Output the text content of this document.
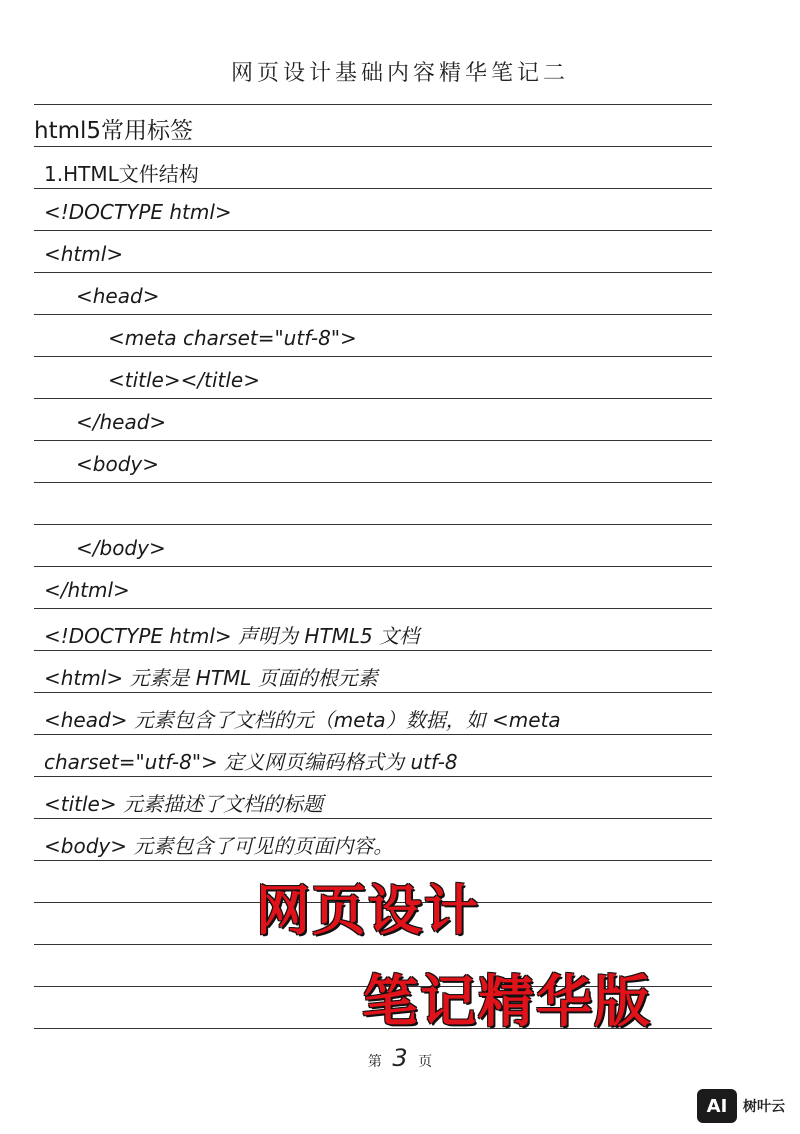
网页设计基础内容精华笔记二
html5常用标签
1.HTML文件结构
<!DOCTYPE html>
<html>
<head>
<meta charset="utf-8">
<title></title>
</head>
<body>
</body>
</html>
<!DOCTYPE html> 声明为 HTML5 文档
<html> 元素是 HTML 页面的根元素
<head> 元素包含了文档的元（meta）数据，如 <meta
charset="utf-8"> 定义网页编码格式为 utf-8
<title> 元素描述了文档的标题
<body> 元素包含了可见的页面内容。
网页设计
笔记精华版
第 3 页
AI	树叶云
